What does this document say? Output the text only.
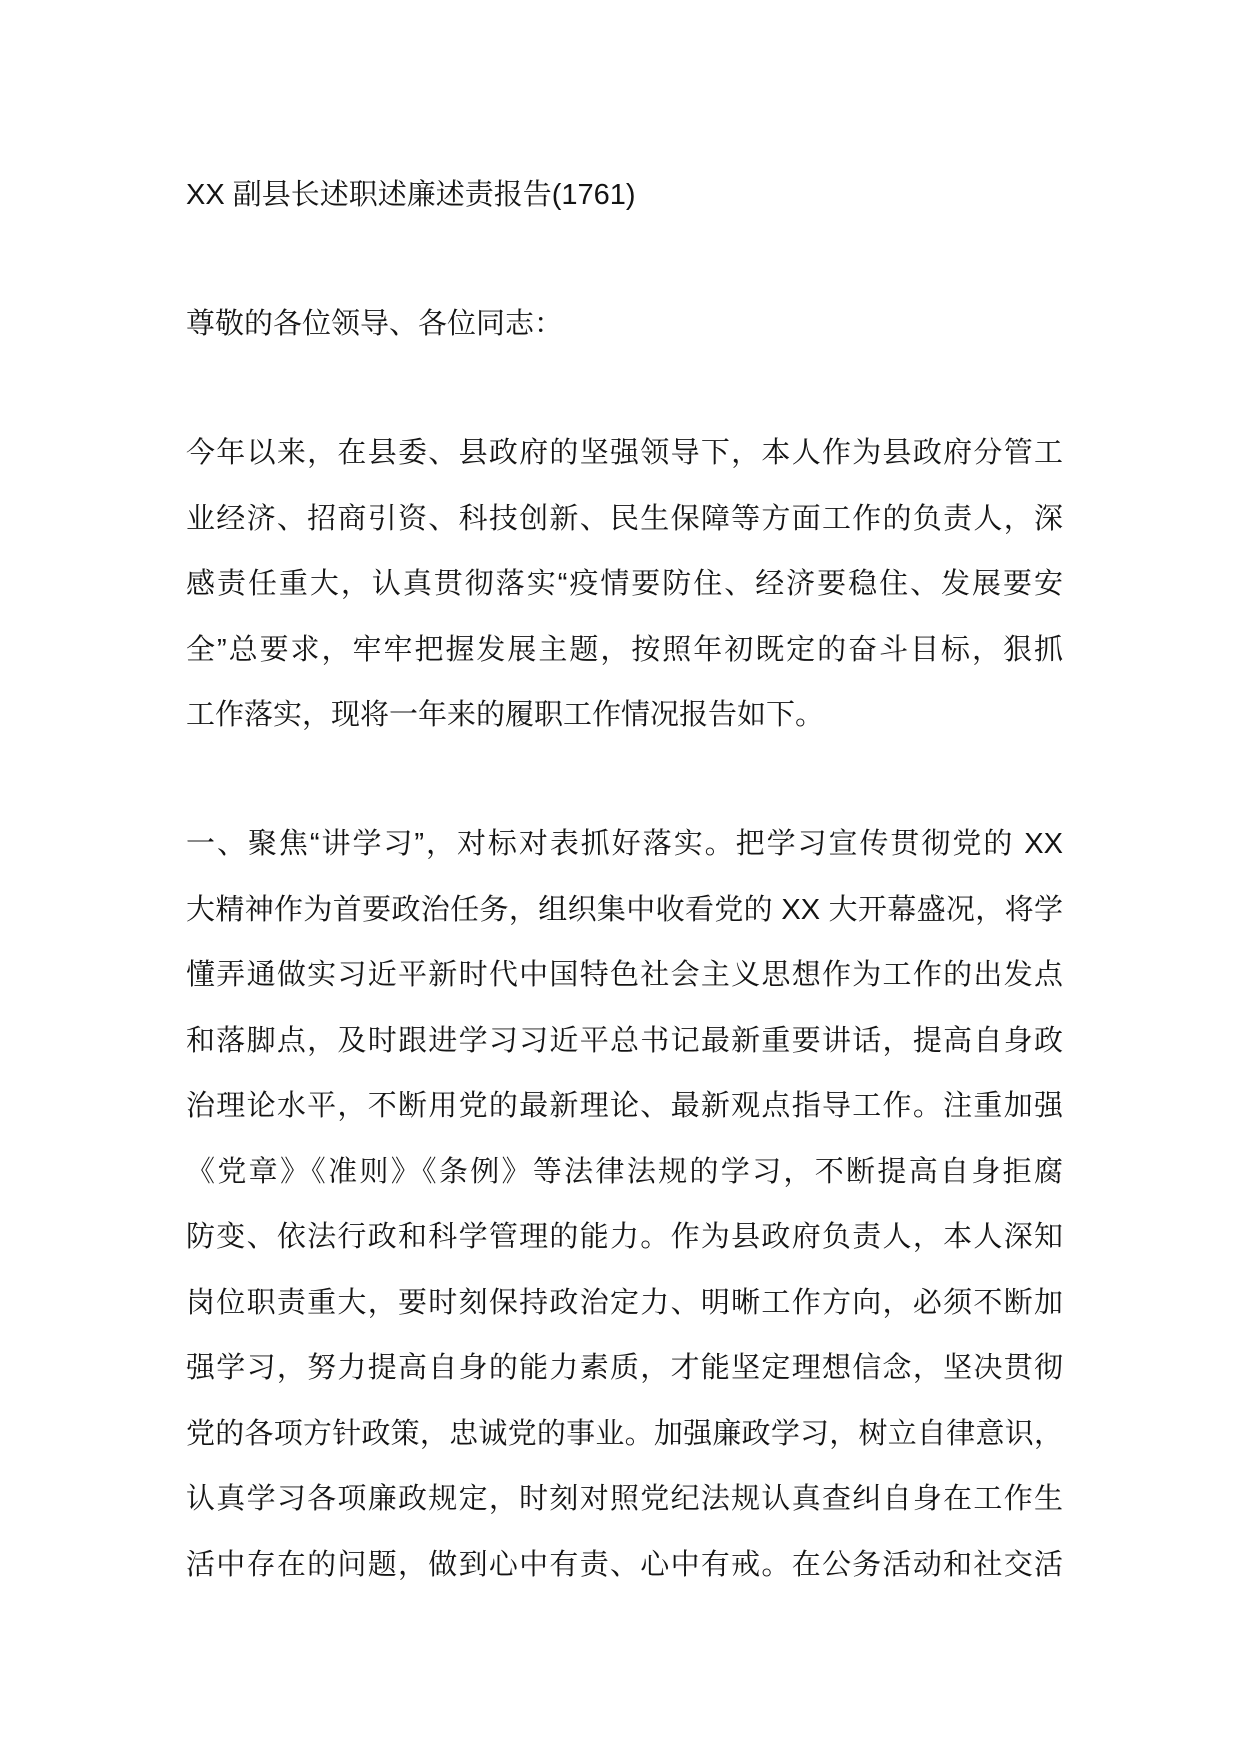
XX 副县长述职述廉述责报告(1761)
尊敬的各位领导、各位同志：
今年以来，在县委、县政府的坚强领导下，本人作为县政府分管工
业经济、招商引资、科技创新、民生保障等方面工作的负责人，深
感责任重大，认真贯彻落实“疫情要防住、经济要稳住、发展要安
全”总要求，牢牢把握发展主题，按照年初既定的奋斗目标，狠抓
工作落实，现将一年来的履职工作情况报告如下。
一、聚焦“讲学习”，对标对表抓好落实。把学习宣传贯彻党的 XX
大精神作为首要政治任务，组织集中收看党的 XX 大开幕盛况，将学
懂弄通做实习近平新时代中国特色社会主义思想作为工作的出发点
和落脚点，及时跟进学习习近平总书记最新重要讲话，提高自身政
治理论水平，不断用党的最新理论、最新观点指导工作。注重加强
《党章》《准则》《条例》等法律法规的学习，不断提高自身拒腐
防变、依法行政和科学管理的能力。作为县政府负责人，本人深知
岗位职责重大，要时刻保持政治定力、明晰工作方向，必须不断加
强学习，努力提高自身的能力素质，才能坚定理想信念，坚决贯彻
党的各项方针政策，忠诚党的事业。加强廉政学习，树立自律意识，
认真学习各项廉政规定，时刻对照党纪法规认真查纠自身在工作生
活中存在的问题，做到心中有责、心中有戒。在公务活动和社交活
